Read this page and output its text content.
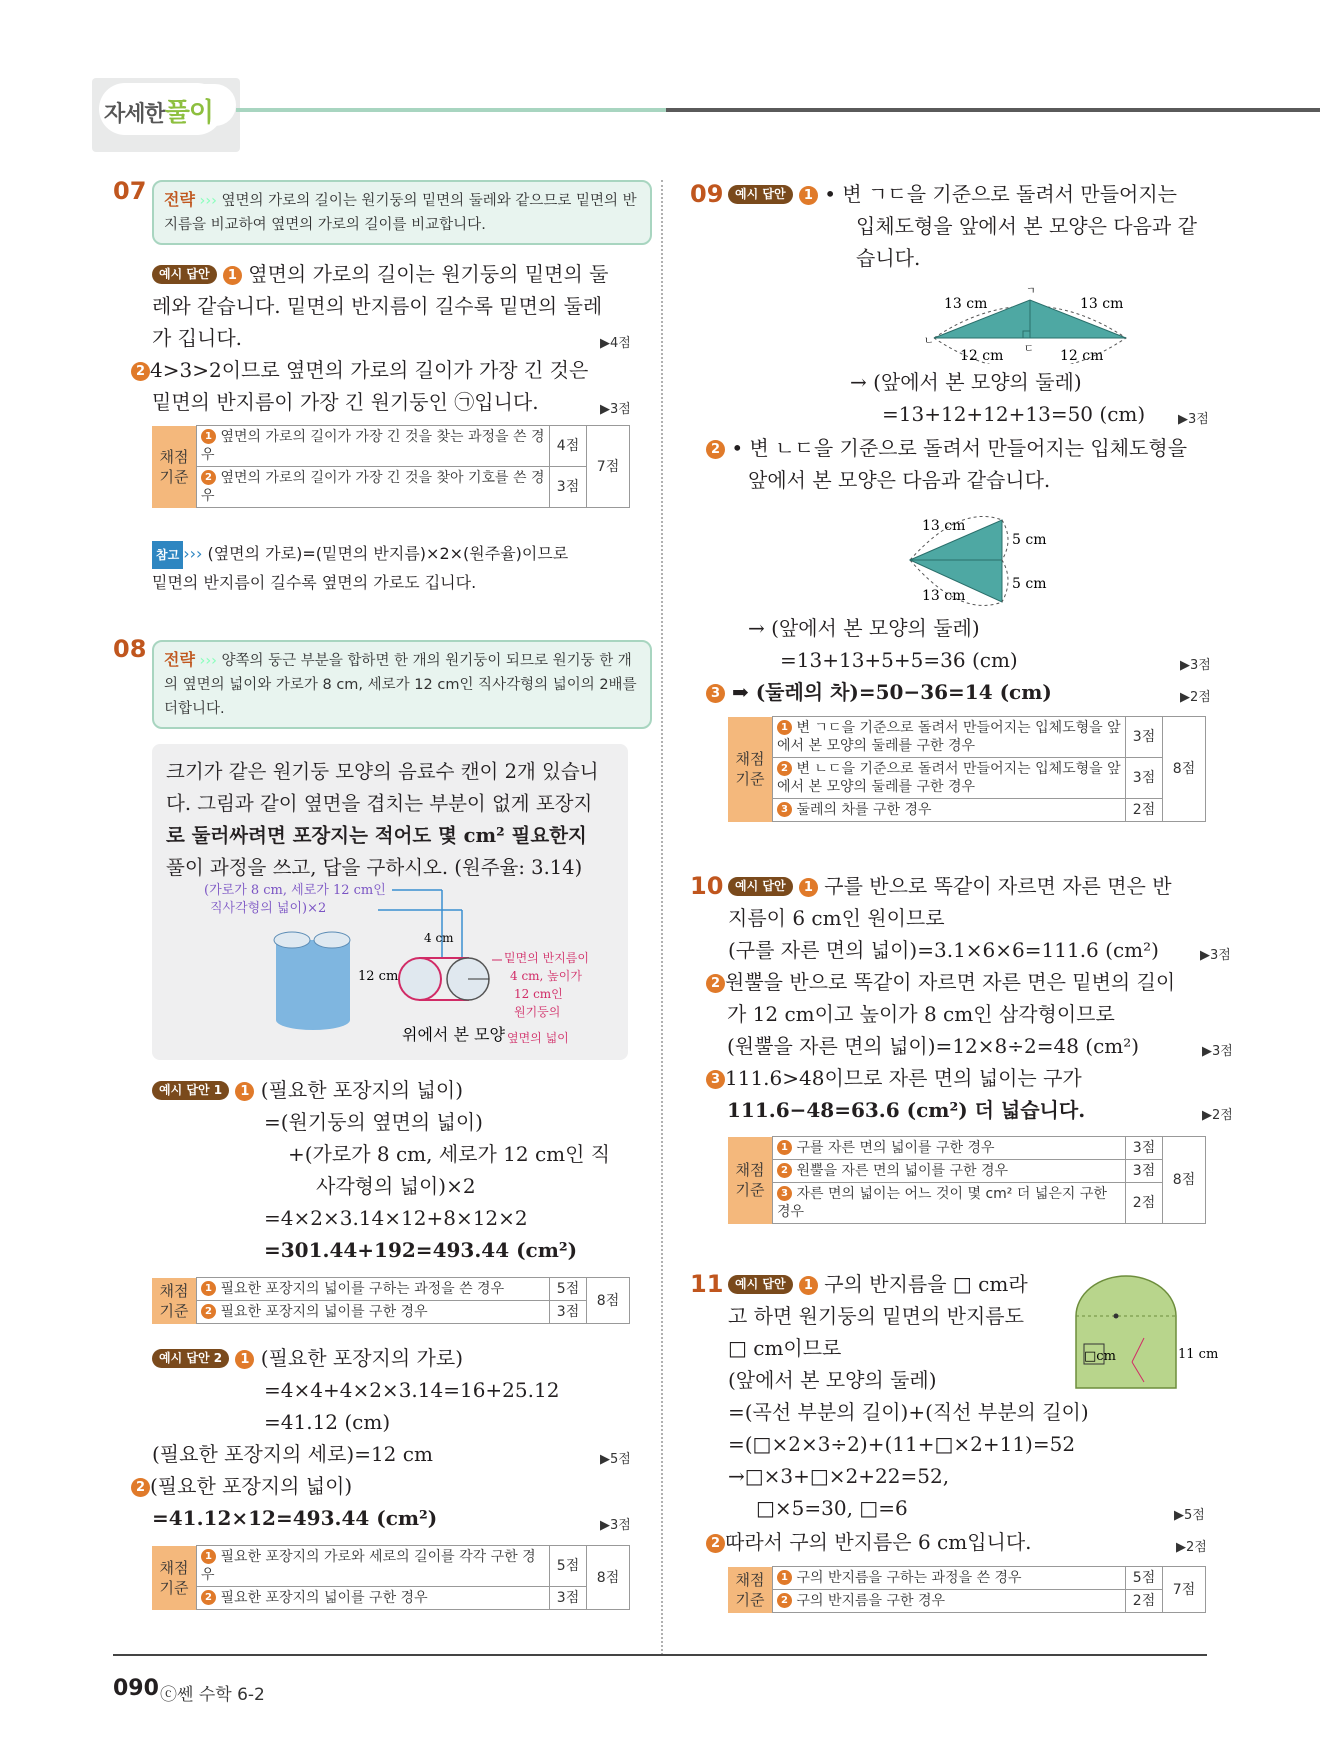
자세한풀이
07	전략 ››› 옆면의 가로의 길이는 원기둥의 밑면의 둘레와 같으므로 밑면의 반지름을 비교하여 옆면의 가로의 길이를 비교합니다.
예시 답안 1 옆면의 가로의 길이는 원기둥의 밑면의 둘
레와 같습니다. 밑면의 반지름이 길수록 밑면의 둘레
가 깁니다.	▶4점
2 4>3>2이므로 옆면의 가로의 길이가 가장 긴 것은
밑면의 반지름이 가장 긴 원기둥인 ㉠입니다.	▶3점
채점 기준	1 옆면의 가로의 길이가 가장 긴 것을 찾는 과정을 쓴 경우	4점	7점
	2 옆면의 가로의 길이가 가장 긴 것을 찾아 기호를 쓴 경우	3점	
참고 ››› (옆면의 가로)=(밑면의 반지름)×2×(원주율)이므로
밑면의 반지름이 길수록 옆면의 가로도 깁니다.
08	전략 ››› 양쪽의 둥근 부분을 합하면 한 개의 원기둥이 되므로 원기둥 한 개의 옆면의 넓이와 가로가 8 cm, 세로가 12 cm인 직사각형의 넓이의 2배를 더합니다.
크기가 같은 원기둥 모양의 음료수 캔이 2개 있습니
다. 그림과 같이 옆면을 겹치는 부분이 없게 포장지
로 둘러싸려면 포장지는 적어도 몇 cm² 필요한지
풀이 과정을 쓰고, 답을 구하시오. (원주율: 3.14)
(가로가 8 cm, 세로가 12 cm인
직사각형의 넓이)×2
12 cm
4 cm
위에서 본 모양
밑면의 반지름이
4 cm, 높이가
12 cm인
원기둥의
옆면의 넓이
예시 답안 1 1 (필요한 포장지의 넓이)
=(원기둥의 옆면의 넓이)
+(가로가 8 cm, 세로가 12 cm인 직
사각형의 넓이)×2
=4×2×3.14×12+8×12×2
=301.44+192=493.44 (cm²)
채점 기준	1 필요한 포장지의 넓이를 구하는 과정을 쓴 경우	5점	8점
	2 필요한 포장지의 넓이를 구한 경우	3점	
예시 답안 2 1 (필요한 포장지의 가로)
=4×4+4×2×3.14=16+25.12
=41.12 (cm)
(필요한 포장지의 세로)=12 cm	▶5점
2 (필요한 포장지의 넓이)
=41.12×12=493.44 (cm²)	▶3점
채점 기준	1 필요한 포장지의 가로와 세로의 길이를 각각 구한 경우	5점	8점
	2 필요한 포장지의 넓이를 구한 경우	3점	
09 예시 답안 1 • 변 ㄱㄷ을 기준으로 돌려서 만들어지는
입체도형을 앞에서 본 모양은 다음과 같
습니다.
13 cm	13 cm
12 cm	12 cm
ㄱ
ㄴ
ㄷ
→ (앞에서 본 모양의 둘레)
=13+12+12+13=50 (cm)	▶3점
2 • 변 ㄴㄷ을 기준으로 돌려서 만들어지는 입체도형을
앞에서 본 모양은 다음과 같습니다.
13 cm
13 cm
5 cm
5 cm
→ (앞에서 본 모양의 둘레)
=13+13+5+5=36 (cm)	▶3점
3 ➡ (둘레의 차)=50−36=14 (cm)	▶2점
채점 기준	1 변 ㄱㄷ을 기준으로 돌려서 만들어지는 입체도형을 앞에서 본 모양의 둘레를 구한 경우	3점	8점
	2 변 ㄴㄷ을 기준으로 돌려서 만들어지는 입체도형을 앞에서 본 모양의 둘레를 구한 경우	3점	
	3 둘레의 차를 구한 경우	2점	
10 예시 답안 1 구를 반으로 똑같이 자르면 자른 면은 반
지름이 6 cm인 원이므로
(구를 자른 면의 넓이)=3.1×6×6=111.6 (cm²)	▶3점
2 원뿔을 반으로 똑같이 자르면 자른 면은 밑변의 길이
가 12 cm이고 높이가 8 cm인 삼각형이므로
(원뿔을 자른 면의 넓이)=12×8÷2=48 (cm²)
3 111.6>48이므로 자른 면의 넓이는 구가
111.6−48=63.6 (cm²) 더 넓습니다.
▶3점
▶2점
채점 기준	1 구를 자른 면의 넓이를 구한 경우	3점	8점
	2 원뿔을 자른 면의 넓이를 구한 경우	3점	
	3 자른 면의 넓이는 어느 것이 몇 cm² 더 넓은지 구한 경우	2점	
11 예시 답안 1 구의 반지름을 □ cm라
고 하면 원기둥의 밑면의 반지름도
□ cm이므로
(앞에서 본 모양의 둘레)
=(곡선 부분의 길이)+(직선 부분의 길이)
=(□×2×3÷2)+(11+□×2+11)=52
→□×3+□×2+22=52,
□×5=30, □=6
□cm	11 cm
▶5점
2 따라서 구의 반지름은 6 cm입니다.	▶2점
채점 기준	1 구의 반지름을 구하는 과정을 쓴 경우	5점	7점
	2 구의 반지름을 구한 경우	2점	
090 ⓒ쎈 수학 6-2
